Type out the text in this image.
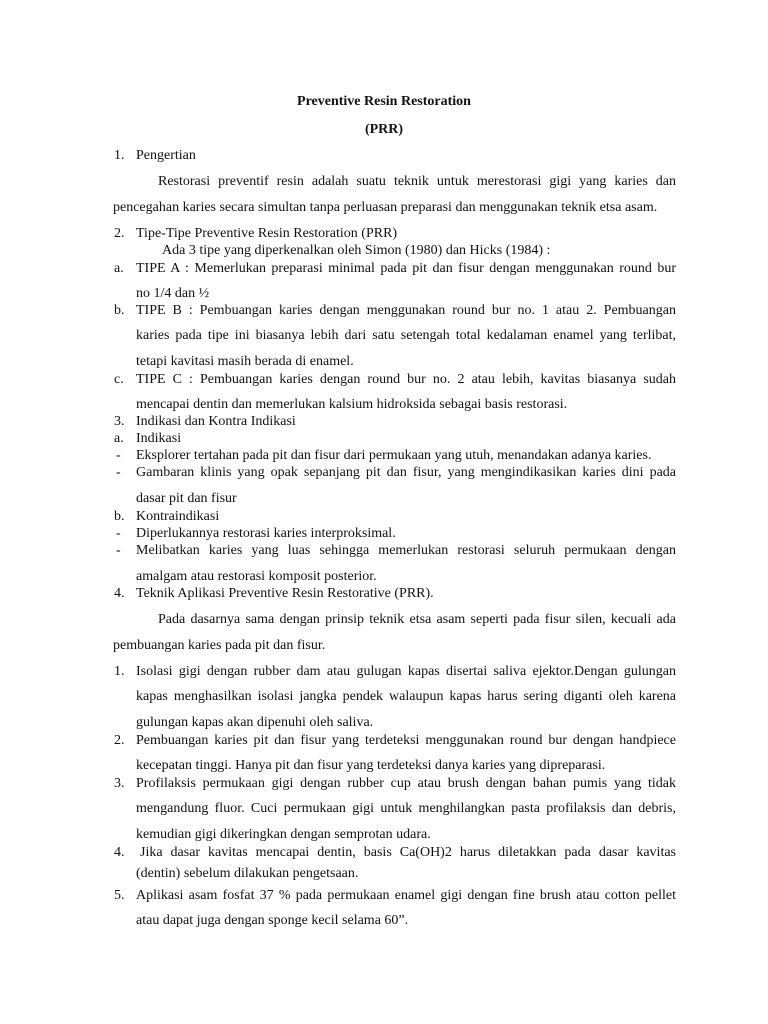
Preventive Resin Restoration
(PRR)
1. Pengertian
Restorasi preventif resin adalah suatu teknik untuk merestorasi gigi yang karies dan
pencegahan karies secara simultan tanpa perluasan preparasi dan menggunakan teknik etsa asam.
2. Tipe-Tipe Preventive Resin Restoration (PRR)
Ada 3 tipe yang diperkenalkan oleh Simon (1980) dan Hicks (1984) :
a. TIPE A : Memerlukan preparasi minimal pada pit dan fisur dengan menggunakan round bur
no 1/4 dan ½
b. TIPE B : Pembuangan karies dengan menggunakan round bur no. 1 atau 2. Pembuangan
karies pada tipe ini biasanya lebih dari satu setengah total kedalaman enamel yang terlibat,
tetapi kavitasi masih berada di enamel.
c. TIPE C : Pembuangan karies dengan round bur no. 2 atau lebih, kavitas biasanya sudah
mencapai dentin dan memerlukan kalsium hidroksida sebagai basis restorasi.
3. Indikasi dan Kontra Indikasi
a. Indikasi
- Eksplorer tertahan pada pit dan fisur dari permukaan yang utuh, menandakan adanya karies.
- Gambaran klinis yang opak sepanjang pit dan fisur, yang mengindikasikan karies dini pada
dasar pit dan fisur
b. Kontraindikasi
- Diperlukannya restorasi karies interproksimal.
- Melibatkan karies yang luas sehingga memerlukan restorasi seluruh permukaan dengan
amalgam atau restorasi komposit posterior.
4. Teknik Aplikasi Preventive Resin Restorative (PRR).
Pada dasarnya sama dengan prinsip teknik etsa asam seperti pada fisur silen, kecuali ada
pembuangan karies pada pit dan fisur.
1. Isolasi gigi dengan rubber dam atau gulugan kapas disertai saliva ejektor.Dengan gulungan
kapas menghasilkan isolasi jangka pendek walaupun kapas harus sering diganti oleh karena
gulungan kapas akan dipenuhi oleh saliva.
2. Pembuangan karies pit dan fisur yang terdeteksi menggunakan round bur dengan handpiece
kecepatan tinggi. Hanya pit dan fisur yang terdeteksi danya karies yang dipreparasi.
3. Profilaksis permukaan gigi dengan rubber cup atau brush dengan bahan pumis yang tidak
mengandung fluor. Cuci permukaan gigi untuk menghilangkan pasta profilaksis dan debris,
kemudian gigi dikeringkan dengan semprotan udara.
4. Jika dasar kavitas mencapai dentin, basis Ca(OH)2 harus diletakkan pada dasar kavitas
(dentin) sebelum dilakukan pengetsaan.
5. Aplikasi asam fosfat 37 % pada permukaan enamel gigi dengan fine brush atau cotton pellet
atau dapat juga dengan sponge kecil selama 60”.
